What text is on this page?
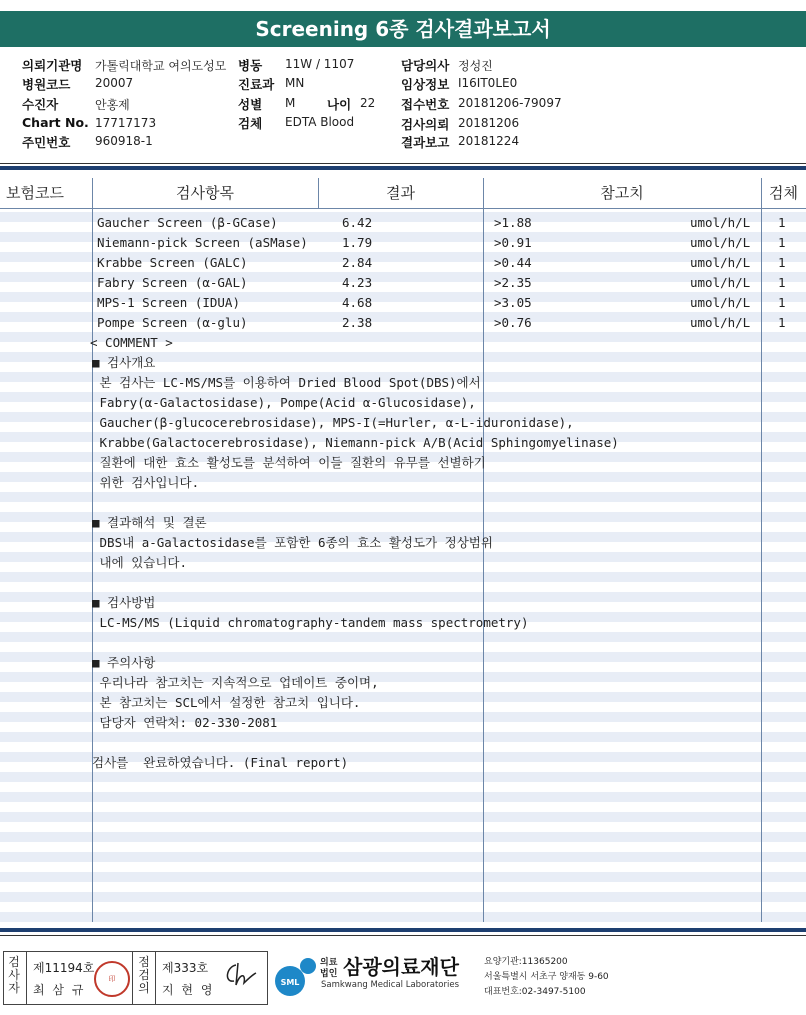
Screening 6종 검사결과보고서
의뢰기관명 가톨릭대학교 여의도성모 병동 11W / 1107	담당의사 정성진
병원코드 20007	진료과 MN	임상정보 I16IT0LE0
수진자	안홍제	성별 M	나이 22 접수번호 20181206-79097
Chart No. 17717173	검체 EDTA Blood	검사의뢰 20181206
주민번호 960918-1	결과보고 20181224
보험코드	검사항목	결과	참고치	검체
Gaucher Screen (β-GCase)	6.42	>1.88	umol/h/L 1
Niemann-pick Screen (aSMase)	1.79	>0.91	umol/h/L 1
Krabbe Screen (GALC)	2.84	>0.44	umol/h/L 1
Fabry Screen (α-GAL)	4.23	>2.35	umol/h/L 1
MPS-1 Screen (IDUA)	4.68	>3.05	umol/h/L 1
Pompe Screen (α-glu)	2.38	>0.76	umol/h/L 1
< COMMENT >
■ 검사개요
본 검사는 LC-MS/MS를 이용하여 Dried Blood Spot(DBS)에서
Fabry(α-Galactosidase), Pompe(Acid α-Glucosidase),
Gaucher(β-glucocerebrosidase), MPS-I(=Hurler, α-L-iduronidase),
Krabbe(Galactocerebrosidase), Niemann-pick A/B(Acid Sphingomyelinase)
질환에 대한 효소 활성도를 분석하여 이들 질환의 유무를 선별하기
위한 검사입니다.
■ 결과해석 및 결론
DBS내 a-Galactosidase를 포함한 6종의 효소 활성도가 정상범위
내에 있습니다.
■ 검사방법
LC-MS/MS (Liquid chromatography-tandem mass spectrometry)
■ 주의사항
우리나라 참고치는 지속적으로 업데이트 중이며,
본 참고치는 SCL에서 설정한 참고치 입니다.
담당자 연락처: 02-330-2081
검사를  완료하였습니다. (Final report)
검사자
제11194호
최 삼 규
印
점검의
제333호
지 현 영
SML
의료
법인 삼광의료재단
Samkwang Medical Laboratories
요양기관:11365200
서울특별시 서초구 양재동 9-60
대표번호:02-3497-5100
